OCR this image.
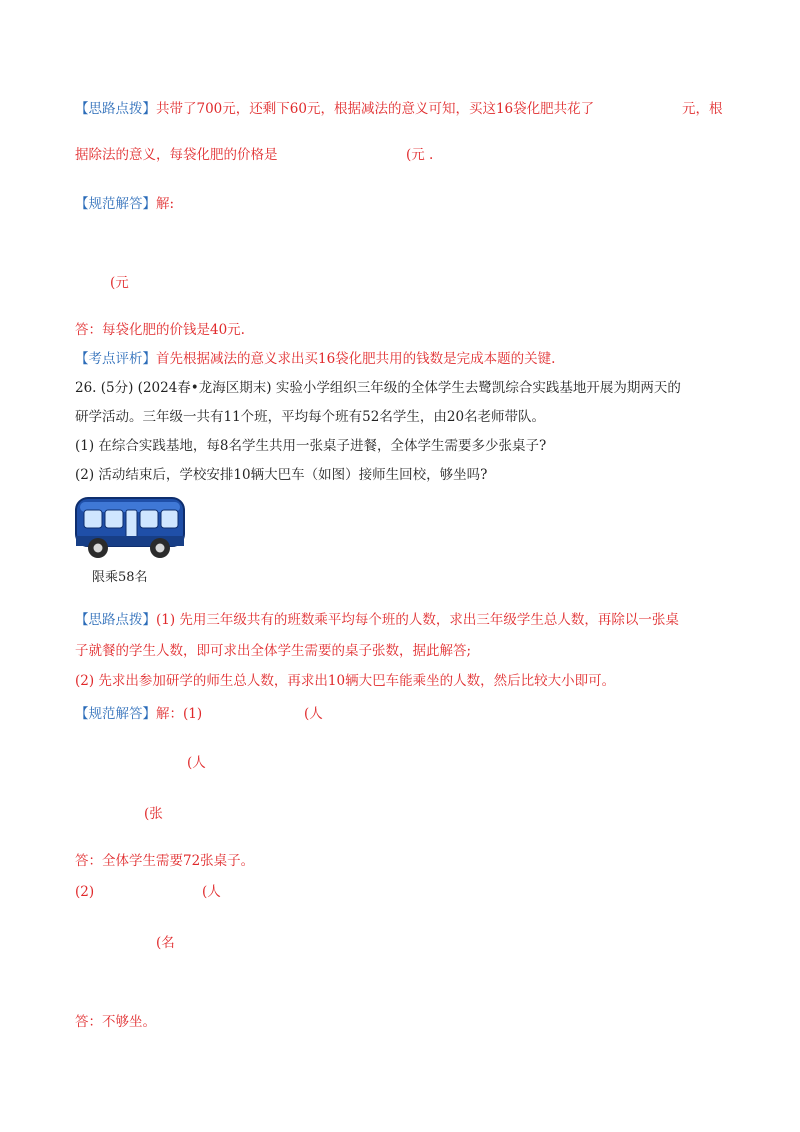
【思路点拨】共带了700元，还剩下60元，根据减法的意义可知，买这16袋化肥共花了	元，根
据除法的意义，每袋化肥的价格是	(元 .
【规范解答】解:
(元
答：每袋化肥的价钱是40元.
【考点评析】首先根据减法的意义求出买16袋化肥共用的钱数是完成本题的关键.
26. (5分) (2024春•龙海区期末) 实验小学组织三年级的全体学生去鹭凯综合实践基地开展为期两天的
研学活动。三年级一共有11个班，平均每个班有52名学生，由20名老师带队。
(1) 在综合实践基地，每8名学生共用一张桌子进餐，全体学生需要多少张桌子?
(2) 活动结束后，学校安排10辆大巴车（如图）接师生回校，够坐吗?
限乘58名
【思路点拨】(1) 先用三年级共有的班数乘平均每个班的人数，求出三年级学生总人数，再除以一张桌
子就餐的学生人数，即可求出全体学生需要的桌子张数，据此解答;
(2) 先求出参加研学的师生总人数，再求出10辆大巴车能乘坐的人数，然后比较大小即可。
【规范解答】解：(1)	(人
(人
(张
答：全体学生需要72张桌子。
(2)	(人
(名
答：不够坐。
